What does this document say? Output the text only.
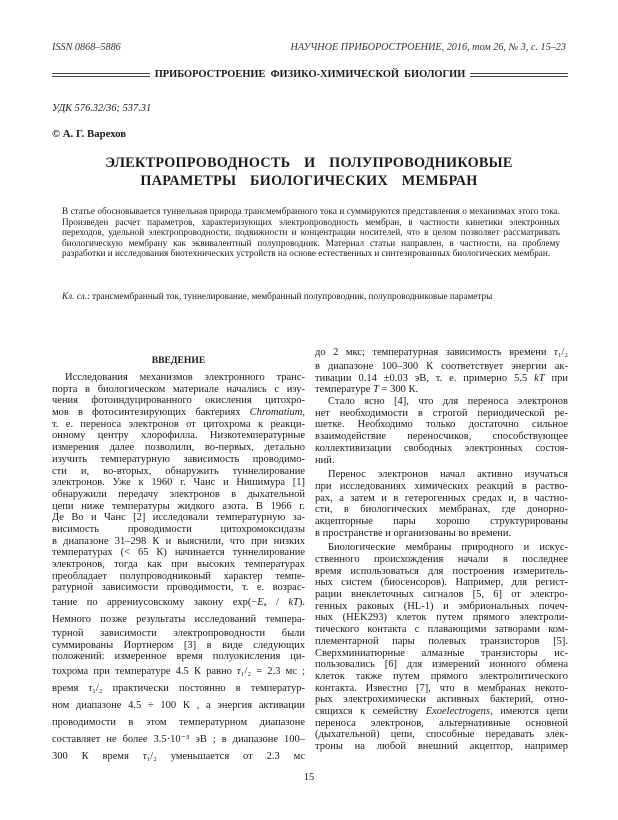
ISSN 0868–5886	НАУЧНОЕ ПРИБОРОСТРОЕНИЕ, 2016, том 26, № 3, с. 15–23
ПРИБОРОСТРОЕНИЕ  ФИЗИКО-ХИМИЧЕСКОЙ  БИОЛОГИИ
УДК 576.32/36; 537.31
© А. Г. Варехов
ЭЛЕКТРОПРОВОДНОСТЬ  И  ПОЛУПРОВОДНИКОВЫЕ
ПАРАМЕТРЫ  БИОЛОГИЧЕСКИХ  МЕМБРАН
В статье обосновывается туннельная природа трансмембранного тока и суммируются представления о механизмах этого тока. Произведен расчет параметров, характеризующих электропроводность мембран, в частности кинетики электронных переходов, удельной электропроводности, подвижности и концентрации носителей, что в целом позволяет рассматривать биологическую мембрану как эквивалентный полупроводник. Материал статьи направлен, в частности, на проблему разработки и исследования биотехнических устройств на основе естественных и синтезированных биологических мембран.
Кл. сл.: трансмембранный ток, туннелирование, мембранный полупроводник, полупроводниковые параметры
ВВЕДЕНИЕ
Исследования механизмов электронного транс-
порта в биологическом материале начались с изу-
чения фотоиндуцированного окисления цитохро-
мов в фотосинтезирующих бактериях Chromatium,
т. е. переноса электронов от цитохрома к реакци-
онному центру хлорофилла. Низкотемпературные
измерения далее позволили, во-первых, детально
изучить температурную зависимость проводимо-
сти и, во-вторых, обнаружить туннелирование
электронов. Уже к 1960 г. Чанс и Нишимура [1]
обнаружили передачу электронов в дыхательной
цепи ниже температуры жидкого азота. В 1966 г.
Де Во и Чанс [2] исследовали температурную за-
висимость проводимости цитохромоксидазы
в диапазоне 31–298 К и выяснили, что при низких
температурах (< 65 К) начинается туннелирование
электронов, тогда как при высоких температурах
преобладает полупроводниковый характер темпе-
ратурной зависимости проводимости, т. е. возрас-
тание по аррениусовскому закону exp(−Eₐ / kT).
Немного позже результаты исследований темпера-
турной зависимости электропроводности были
суммированы Йортнером [3] в виде следующих
положений: измеренное время полуокисления ци-
тохрома при температуре 4.5 К равно τ₁/₂ = 2.3 мс ;
время τ₁/₂ практически постоянно в температур-
ном диапазоне 4.5 ÷ 100 К , а энергия активации
проводимости в этом температурном диапазоне
составляет не более 3.5·10⁻³ эВ ; в диапазоне 100–
300 К время τ₁/₂ уменьшается от 2.3 мс
до 2 мкс; температурная зависимость времени τ₁/₂
в диапазоне 100–300 К соответствует энергии ак-
тивации 0.14 ±0.03 эВ, т. е. примерно 5.5 kT при
температуре T = 300 К.
Стало ясно [4], что для переноса электронов
нет необходимости в строгой периодической ре-
шетке. Необходимо только достаточно сильное
взаимодействие переносчиков, способствующее
коллективизации свободных электронных состоя-
ний.
Перенос электронов начал активно изучаться
при исследованиях химических реакций в раство-
рах, а затем и в гетерогенных средах и, в частно-
сти, в биологических мембранах, где донорно-
акцепторные пары хорошо структурированы
в пространстве и организованы во времени.
Биологические мембраны природного и искус-
ственного происхождения начали в последнее
время использоваться для построения измеритель-
ных систем (биосенсоров). Например, для регист-
рации внеклеточных сигналов [5, 6] от электро-
генных раковых (HL-1) и эмбриональных почеч-
ных (HEK293) клеток путем прямого электроли-
тического контакта с плавающими затворами ком-
плементарной пары полевых транзисторов [5].
Сверхминиатюрные алмазные транзисторы ис-
пользовались [6] для измерений ионного обмена
клеток также путем прямого электролитического
контакта. Известно [7], что в мембранах некото-
рых электрохимически активных бактерий, отно-
сящихся к семейству Exoelectrogens, имеются цепи
переноса электронов, альтернативные основной
(дыхательной) цепи, способные передавать элек-
троны на любой внешний акцептор, например
15
